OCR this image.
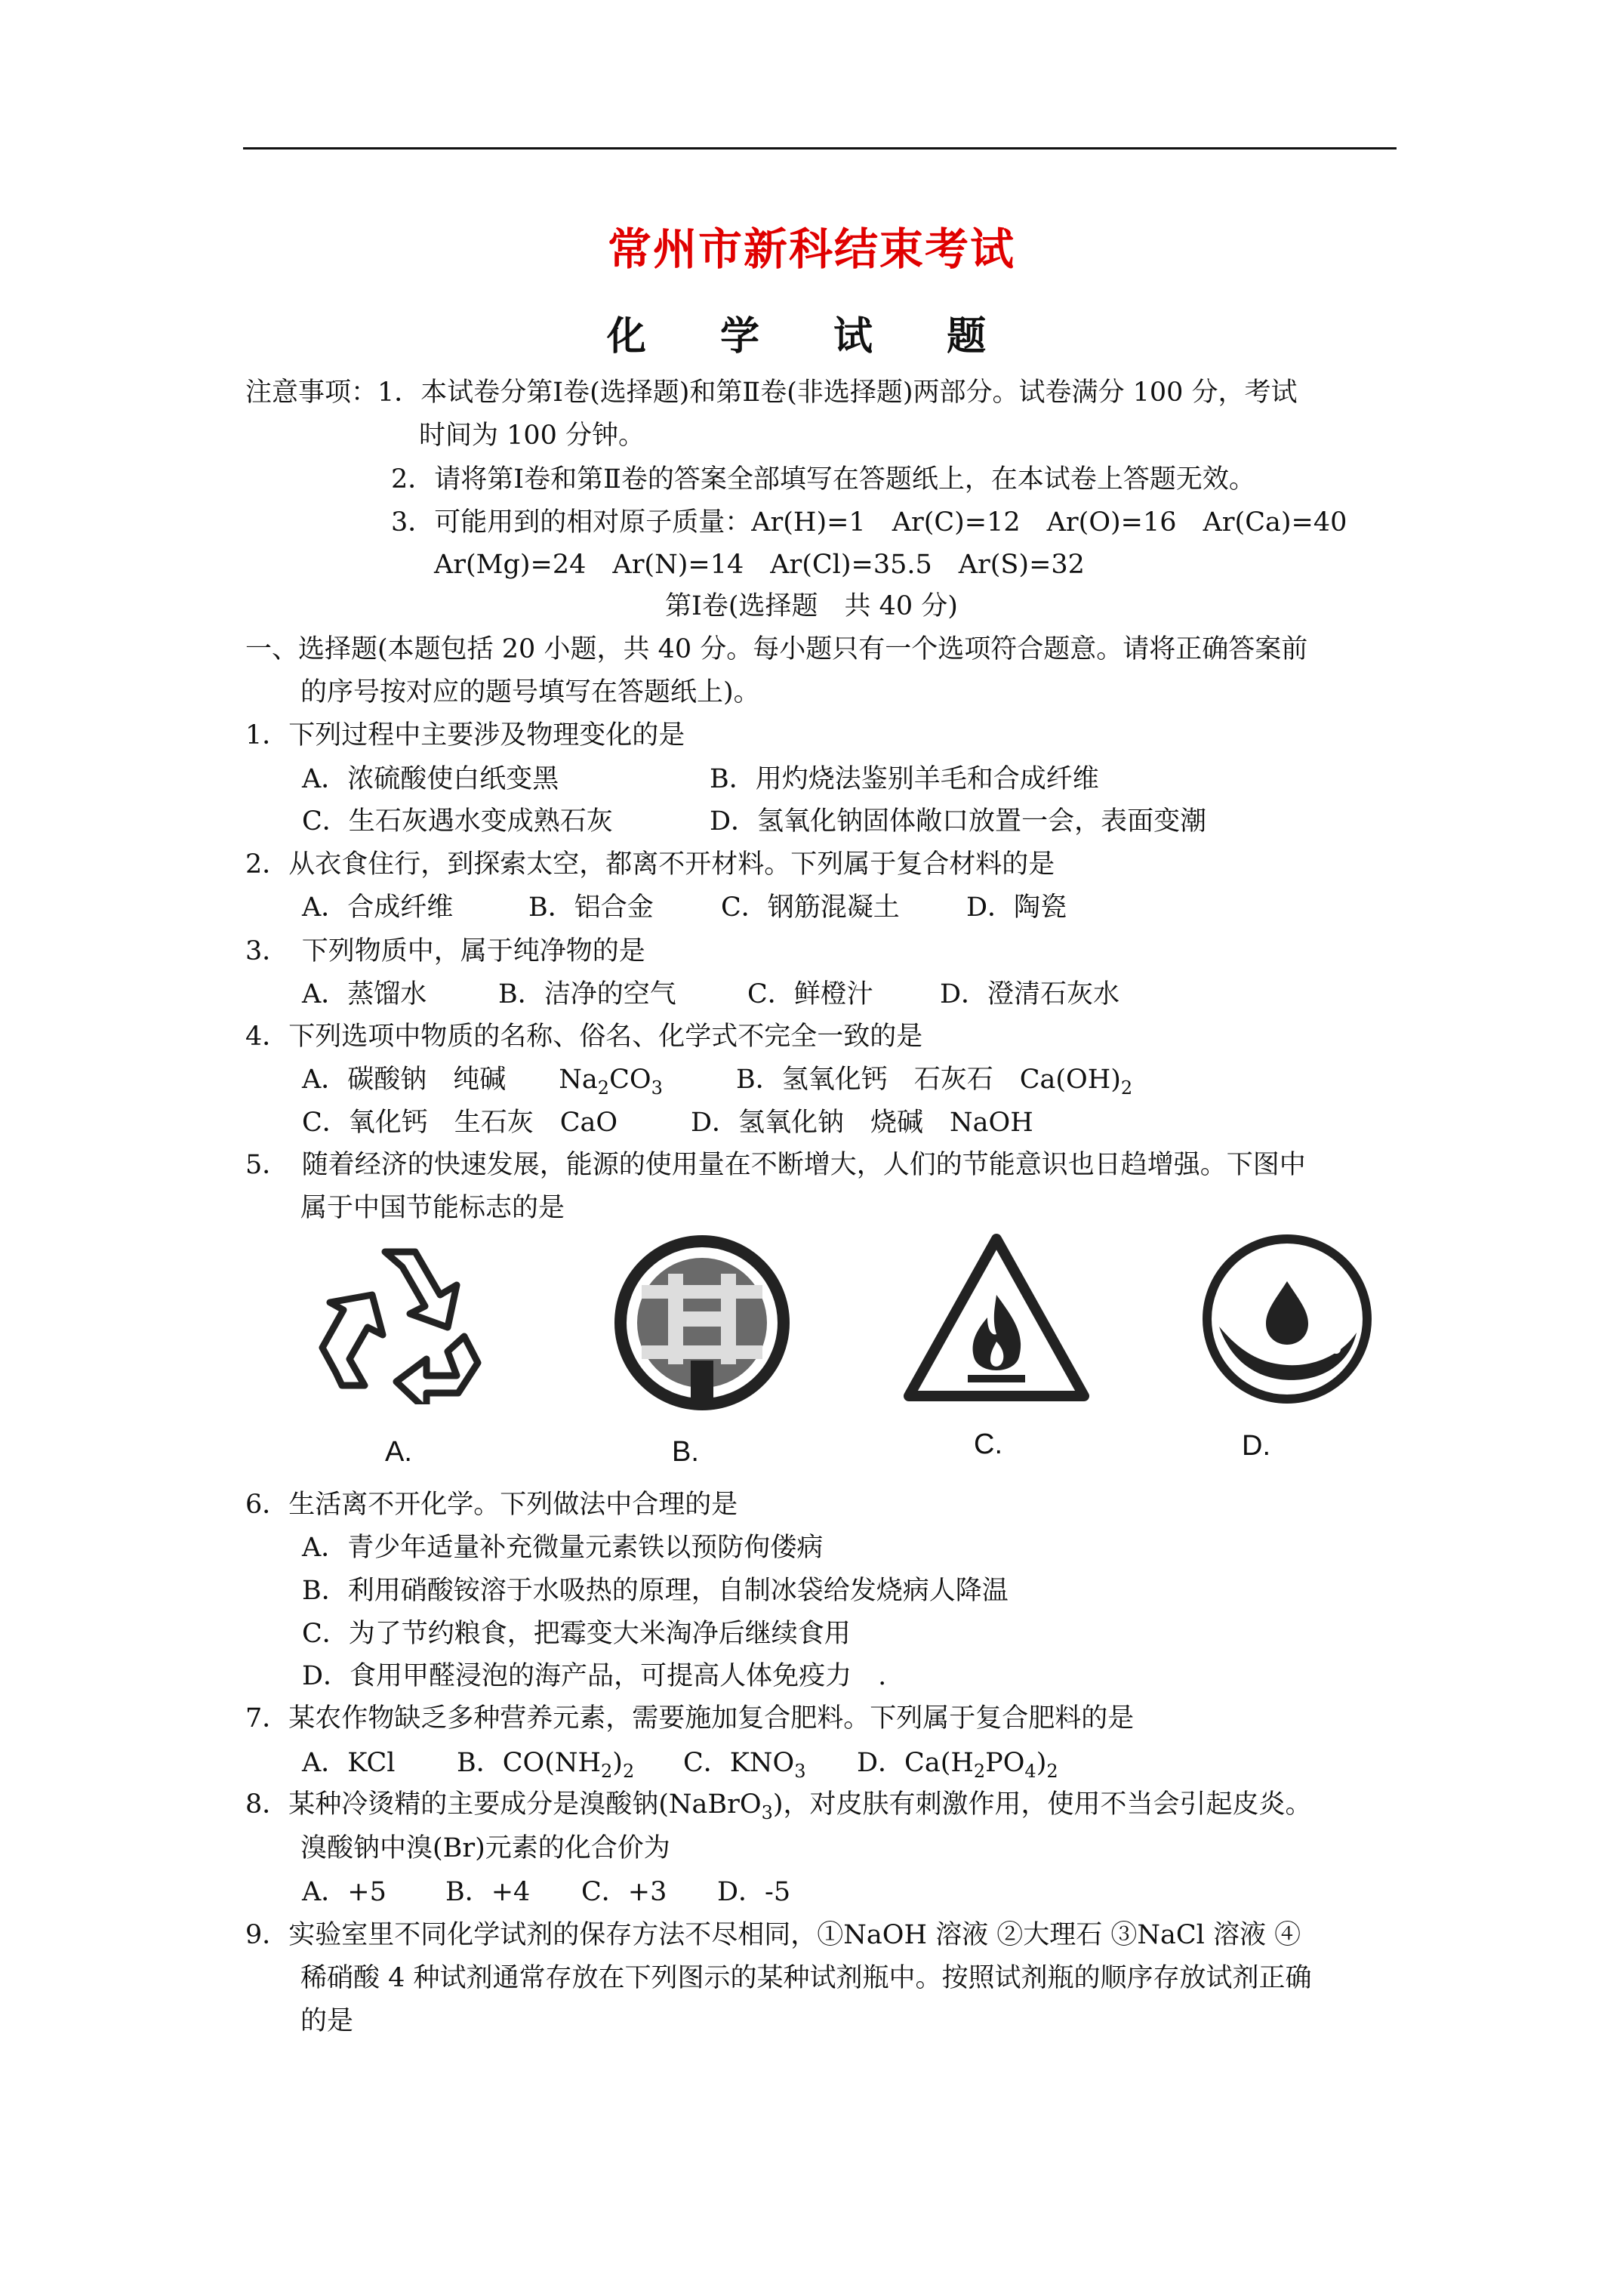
常州市新科结束考试
化 学 试 题
注意事项：1．本试卷分第Ⅰ卷(选择题)和第Ⅱ卷(非选择题)两部分。试卷满分 100 分，考试
时间为 100 分钟。
2．请将第Ⅰ卷和第Ⅱ卷的答案全部填写在答题纸上，在本试卷上答题无效。
3．可能用到的相对原子质量：Ar(H)=1　Ar(C)=12　Ar(O)=16　Ar(Ca)=40
Ar(Mg)=24　Ar(N)=14　Ar(Cl)=35.5　Ar(S)=32
第Ⅰ卷(选择题　共 40 分)
一、选择题(本题包括 20 小题，共 40 分。每小题只有一个选项符合题意。请将正确答案前
的序号按对应的题号填写在答题纸上)。
1．下列过程中主要涉及物理变化的是
A．浓硫酸使白纸变黑	B．用灼烧法鉴别羊毛和合成纤维
C．生石灰遇水变成熟石灰	D．氢氧化钠固体敞口放置一会，表面变潮
2．从衣食住行，到探索太空，都离不开材料。下列属于复合材料的是
A．合成纤维	B．铝合金	C．钢筋混凝土	D．陶瓷
3．　下列物质中，属于纯净物的是
A．蒸馏水	B．洁净的空气	C．鲜橙汁	D．澄清石灰水
4．下列选项中物质的名称、俗名、化学式不完全一致的是
A．碳酸钠　纯碱　　 $Na_2CO_3$	B．氢氧化钙　石灰石　$Ca(OH)_2$
C．氧化钙　生石灰　CaO	D．氢氧化钠　烧碱　NaOH
5．　随着经济的快速发展，能源的使用量在不断增大，人们的节能意识也日趋增强。下图中
属于中国节能标志的是
A.	B.	C.	D.
6．生活离不开化学。下列做法中合理的是
A．青少年适量补充微量元素铁以预防佝偻病
B．利用硝酸铵溶于水吸热的原理，自制冰袋给发烧病人降温
C．为了节约粮食，把霉变大米淘净后继续食用
D．食用甲醛浸泡的海产品，可提高人体免疫力　.
7．某农作物缺乏多种营养元素，需要施加复合肥料。下列属于复合肥料的是
A．KCl B．$CO(NH_2)_2$ C．$KNO_3$ D．$Ca(H_2PO_4)_2$
8．某种冷烫精的主要成分是溴酸钠(NaBrO$_3$)，对皮肤有刺激作用，使用不当会引起皮炎。
溴酸钠中溴(Br)元素的化合价为
A．+5 B．+4 C．+3 D．-5
9．实验室里不同化学试剂的保存方法不尽相同，①NaOH 溶液 ②大理石 ③NaCl 溶液 ④
稀硝酸 4 种试剂通常存放在下列图示的某种试剂瓶中。按照试剂瓶的顺序存放试剂正确
的是
